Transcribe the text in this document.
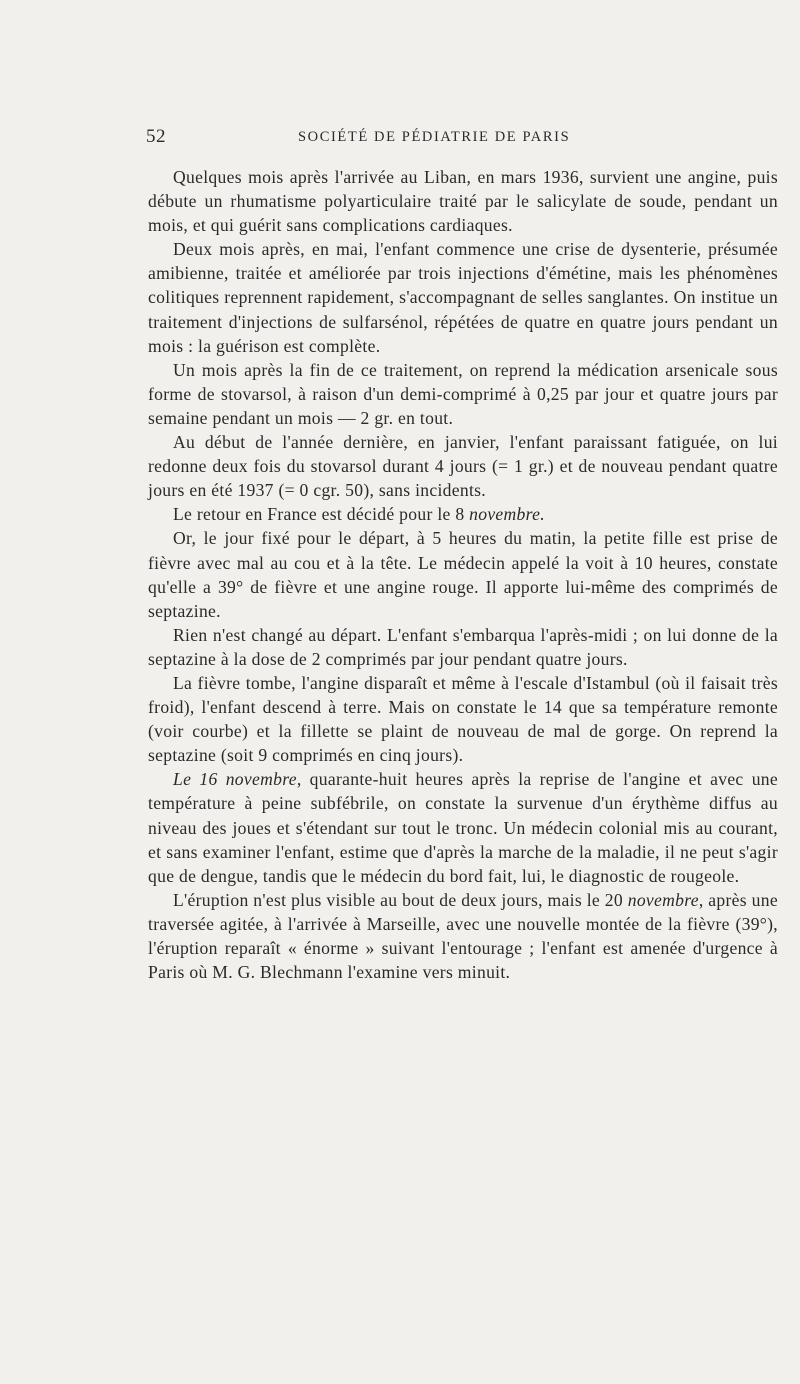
52	SOCIÉTÉ DE PÉDIATRIE DE PARIS

Quelques mois après l'arrivée au Liban, en mars 1936, survient une angine, puis débute un rhumatisme polyarticulaire traité par le salicylate de soude, pendant un mois, et qui guérit sans complications cardiaques.

Deux mois après, en mai, l'enfant commence une crise de dysenterie, présumée amibienne, traitée et améliorée par trois injections d'émétine, mais les phénomènes colitiques reprennent rapidement, s'accompagnant de selles sanglantes. On institue un traitement d'injections de sulfarsénol, répétées de quatre en quatre jours pendant un mois : la guérison est complète.

Un mois après la fin de ce traitement, on reprend la médication arsenicale sous forme de stovarsol, à raison d'un demi-comprimé à 0,25 par jour et quatre jours par semaine pendant un mois — 2 gr. en tout.

Au début de l'année dernière, en janvier, l'enfant paraissant fatiguée, on lui redonne deux fois du stovarsol durant 4 jours (= 1 gr.) et de nouveau pendant quatre jours en été 1937 (= 0 cgr. 50), sans incidents.

Le retour en France est décidé pour le 8 novembre.

Or, le jour fixé pour le départ, à 5 heures du matin, la petite fille est prise de fièvre avec mal au cou et à la tête. Le médecin appelé la voit à 10 heures, constate qu'elle a 39° de fièvre et une angine rouge. Il apporte lui-même des comprimés de septazine.

Rien n'est changé au départ. L'enfant s'embarqua l'après-midi ; on lui donne de la septazine à la dose de 2 comprimés par jour pendant quatre jours.

La fièvre tombe, l'angine disparaît et même à l'escale d'Istambul (où il faisait très froid), l'enfant descend à terre. Mais on constate le 14 que sa température remonte (voir courbe) et la fillette se plaint de nouveau de mal de gorge. On reprend la septazine (soit 9 comprimés en cinq jours).

Le 16 novembre, quarante-huit heures après la reprise de l'angine et avec une température à peine subfébrile, on constate la survenue d'un érythème diffus au niveau des joues et s'étendant sur tout le tronc. Un médecin colonial mis au courant, et sans examiner l'enfant, estime que d'après la marche de la maladie, il ne peut s'agir que de dengue, tandis que le médecin du bord fait, lui, le diagnostic de rougeole.

L'éruption n'est plus visible au bout de deux jours, mais le 20 novembre, après une traversée agitée, à l'arrivée à Marseille, avec une nouvelle montée de la fièvre (39°), l'éruption reparaît « énorme » suivant l'entourage ; l'enfant est amenée d'urgence à Paris où M. G. Blechmann l'examine vers minuit.
